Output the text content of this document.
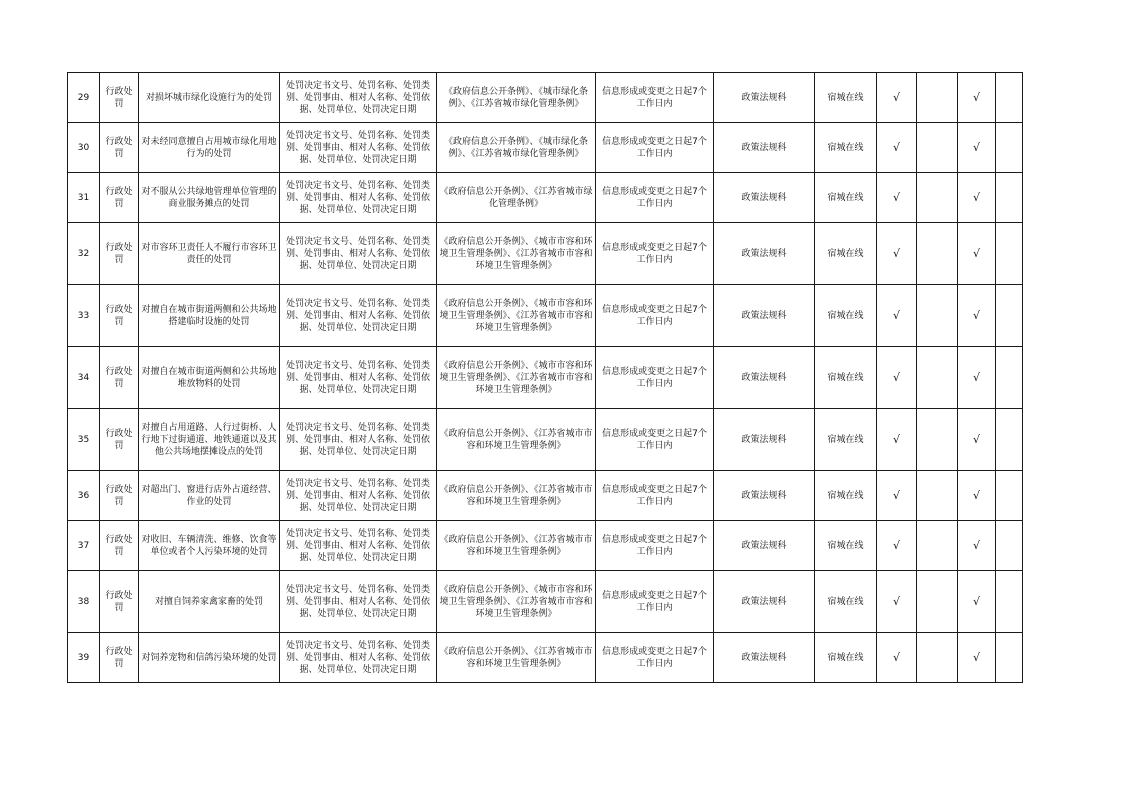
29	行政处罚	对损坏城市绿化设施行为的处罚	处罚决定书文号、处罚名称、处罚类别、处罚事由、相对人名称、处罚依据、处罚单位、处罚决定日期	《政府信息公开条例》、《城市绿化条例》、《江苏省城市绿化管理条例》	信息形成或变更之日起7个工作日内	政策法规科	宿城在线	√		√	
30	行政处罚	对未经同意擅自占用城市绿化用地行为的处罚	处罚决定书文号、处罚名称、处罚类别、处罚事由、相对人名称、处罚依据、处罚单位、处罚决定日期	《政府信息公开条例》、《城市绿化条例》、《江苏省城市绿化管理条例》	信息形成或变更之日起7个工作日内	政策法规科	宿城在线	√		√	
31	行政处罚	对不服从公共绿地管理单位管理的商业服务摊点的处罚	处罚决定书文号、处罚名称、处罚类别、处罚事由、相对人名称、处罚依据、处罚单位、处罚决定日期	《政府信息公开条例》、《江苏省城市绿化管理条例》	信息形成或变更之日起7个工作日内	政策法规科	宿城在线	√		√	
32	行政处罚	对市容环卫责任人不履行市容环卫责任的处罚	处罚决定书文号、处罚名称、处罚类别、处罚事由、相对人名称、处罚依据、处罚单位、处罚决定日期	《政府信息公开条例》、《城市市容和环境卫生管理条例》、《江苏省城市市容和环境卫生管理条例》	信息形成或变更之日起7个工作日内	政策法规科	宿城在线	√		√	
33	行政处罚	对擅自在城市街道两侧和公共场地搭建临时设施的处罚	处罚决定书文号、处罚名称、处罚类别、处罚事由、相对人名称、处罚依据、处罚单位、处罚决定日期	《政府信息公开条例》、《城市市容和环境卫生管理条例》、《江苏省城市市容和环境卫生管理条例》	信息形成或变更之日起7个工作日内	政策法规科	宿城在线	√		√	
34	行政处罚	对擅自在城市街道两侧和公共场地堆放物料的处罚	处罚决定书文号、处罚名称、处罚类别、处罚事由、相对人名称、处罚依据、处罚单位、处罚决定日期	《政府信息公开条例》、《城市市容和环境卫生管理条例》、《江苏省城市市容和环境卫生管理条例》	信息形成或变更之日起7个工作日内	政策法规科	宿城在线	√		√	
35	行政处罚	对擅自占用道路、人行过街桥、人行地下过街通道、地铁通道以及其他公共场地摆摊设点的处罚	处罚决定书文号、处罚名称、处罚类别、处罚事由、相对人名称、处罚依据、处罚单位、处罚决定日期	《政府信息公开条例》、《江苏省城市市容和环境卫生管理条例》	信息形成或变更之日起7个工作日内	政策法规科	宿城在线	√		√	
36	行政处罚	对超出门、窗进行店外占道经营、作业的处罚	处罚决定书文号、处罚名称、处罚类别、处罚事由、相对人名称、处罚依据、处罚单位、处罚决定日期	《政府信息公开条例》、《江苏省城市市容和环境卫生管理条例》	信息形成或变更之日起7个工作日内	政策法规科	宿城在线	√		√	
37	行政处罚	对收旧、车辆清洗、维修、饮食等单位或者个人污染环境的处罚	处罚决定书文号、处罚名称、处罚类别、处罚事由、相对人名称、处罚依据、处罚单位、处罚决定日期	《政府信息公开条例》、《江苏省城市市容和环境卫生管理条例》	信息形成或变更之日起7个工作日内	政策法规科	宿城在线	√		√	
38	行政处罚	对擅自饲养家禽家畜的处罚	处罚决定书文号、处罚名称、处罚类别、处罚事由、相对人名称、处罚依据、处罚单位、处罚决定日期	《政府信息公开条例》、《城市市容和环境卫生管理条例》、《江苏省城市市容和环境卫生管理条例》	信息形成或变更之日起7个工作日内	政策法规科	宿城在线	√		√	
39	行政处罚	对饲养宠物和信鸽污染环境的处罚	处罚决定书文号、处罚名称、处罚类别、处罚事由、相对人名称、处罚依据、处罚单位、处罚决定日期	《政府信息公开条例》、《江苏省城市市容和环境卫生管理条例》	信息形成或变更之日起7个工作日内	政策法规科	宿城在线	√		√	
